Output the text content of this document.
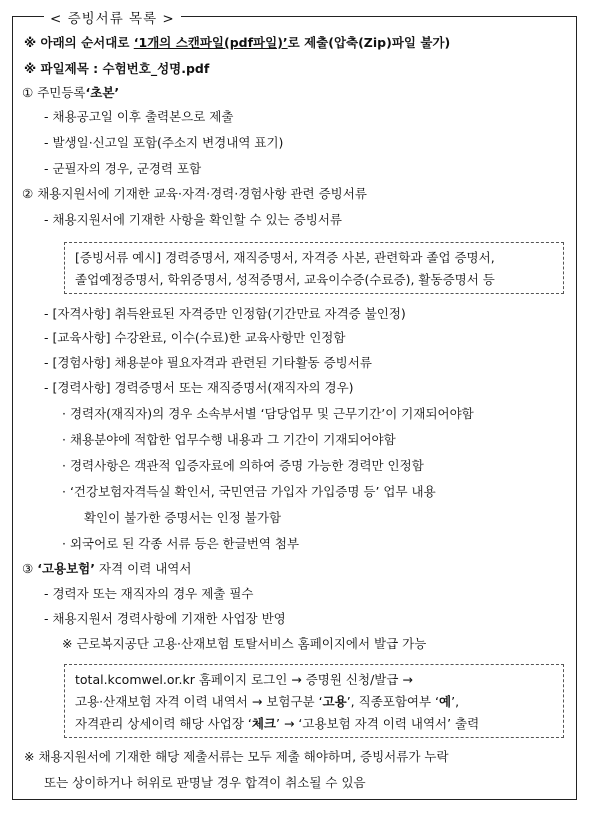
< 증빙서류 목록 >
※ 아래의 순서대로 ‘1개의 스캔파일(pdf파일)’로 제출(압축(Zip)파일 불가)
※ 파일제목 : 수험번호_성명.pdf
① 주민등록‘초본’
- 채용공고일 이후 출력본으로 제출
- 발생일·신고일 포함(주소지 변경내역 표기)
- 군필자의 경우, 군경력 포함
② 채용지원서에 기재한 교육·자격·경력·경험사항 관련 증빙서류
- 채용지원서에 기재한 사항을 확인할 수 있는 증빙서류
[증빙서류 예시] 경력증명서, 재직증명서, 자격증 사본, 관련학과 졸업 증명서,
졸업예정증명서, 학위증명서, 성적증명서, 교육이수증(수료증), 활동증명서 등
- [자격사항] 취득완료된 자격증만 인정함(기간만료 자격증 불인정)
- [교육사항] 수강완료, 이수(수료)한 교육사항만 인정함
- [경험사항] 채용분야 필요자격과 관련된 기타활동 증빙서류
- [경력사항] 경력증명서 또는 재직증명서(재직자의 경우)
· 경력자(재직자)의 경우 소속부서별 ‘담당업무 및 근무기간’이 기재되어야함
· 채용분야에 적합한 업무수행 내용과 그 기간이 기재되어야함
· 경력사항은 객관적 입증자료에 의하여 증명 가능한 경력만 인정함
· ‘건강보험자격득실 확인서, 국민연금 가입자 가입증명 등’ 업무 내용
확인이 불가한 증명서는 인정 불가함
· 외국어로 된 각종 서류 등은 한글번역 첨부
③ ‘고용보험’ 자격 이력 내역서
- 경력자 또는 재직자의 경우 제출 필수
- 채용지원서 경력사항에 기재한 사업장 반영
※ 근로복지공단 고용·산재보험 토탈서비스 홈페이지에서 발급 가능
total.kcomwel.or.kr 홈페이지 로그인 → 증명원 신청/발급 →
고용·산재보험 자격 이력 내역서 → 보험구분 ‘고용’, 직종포함여부 ‘예’,
자격관리 상세이력 해당 사업장 ‘체크’ → ‘고용보험 자격 이력 내역서’ 출력
※ 채용지원서에 기재한 해당 제출서류는 모두 제출 해야하며, 증빙서류가 누락
또는 상이하거나 허위로 판명날 경우 합격이 취소될 수 있음
